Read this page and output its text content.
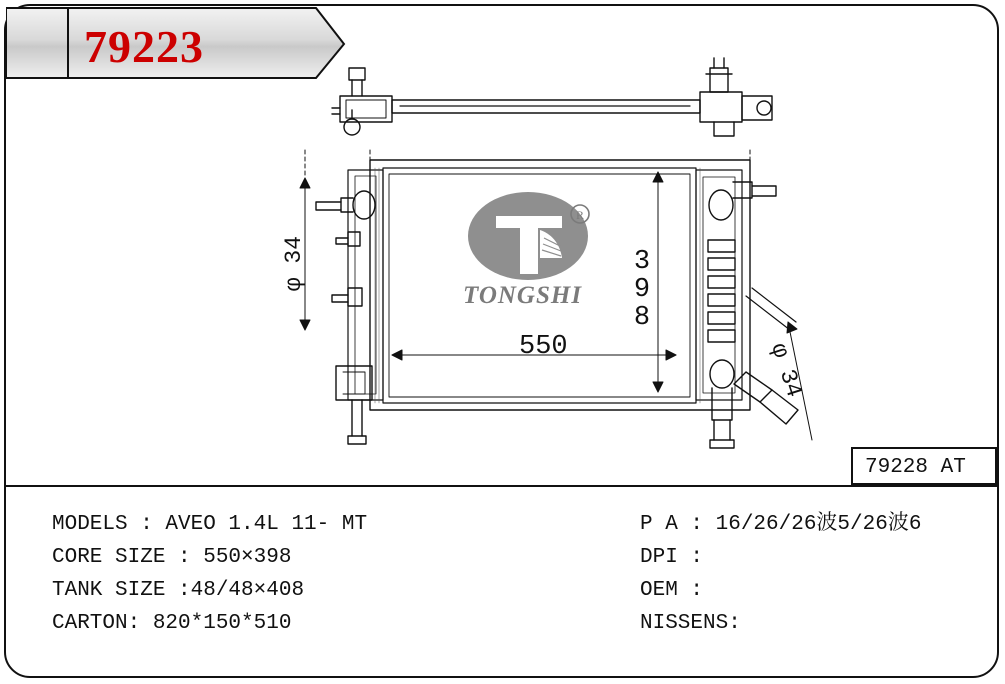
79223
R
TONGSHI
550
398
φ 34
φ 34
79228 AT
MODELS : AVEO 1.4L 11- MT
CORE SIZE : 550×398
TANK SIZE :48/48×408
CARTON: 820*150*510
P A : 16/26/26波5/26波6
DPI :
OEM :
NISSENS:
